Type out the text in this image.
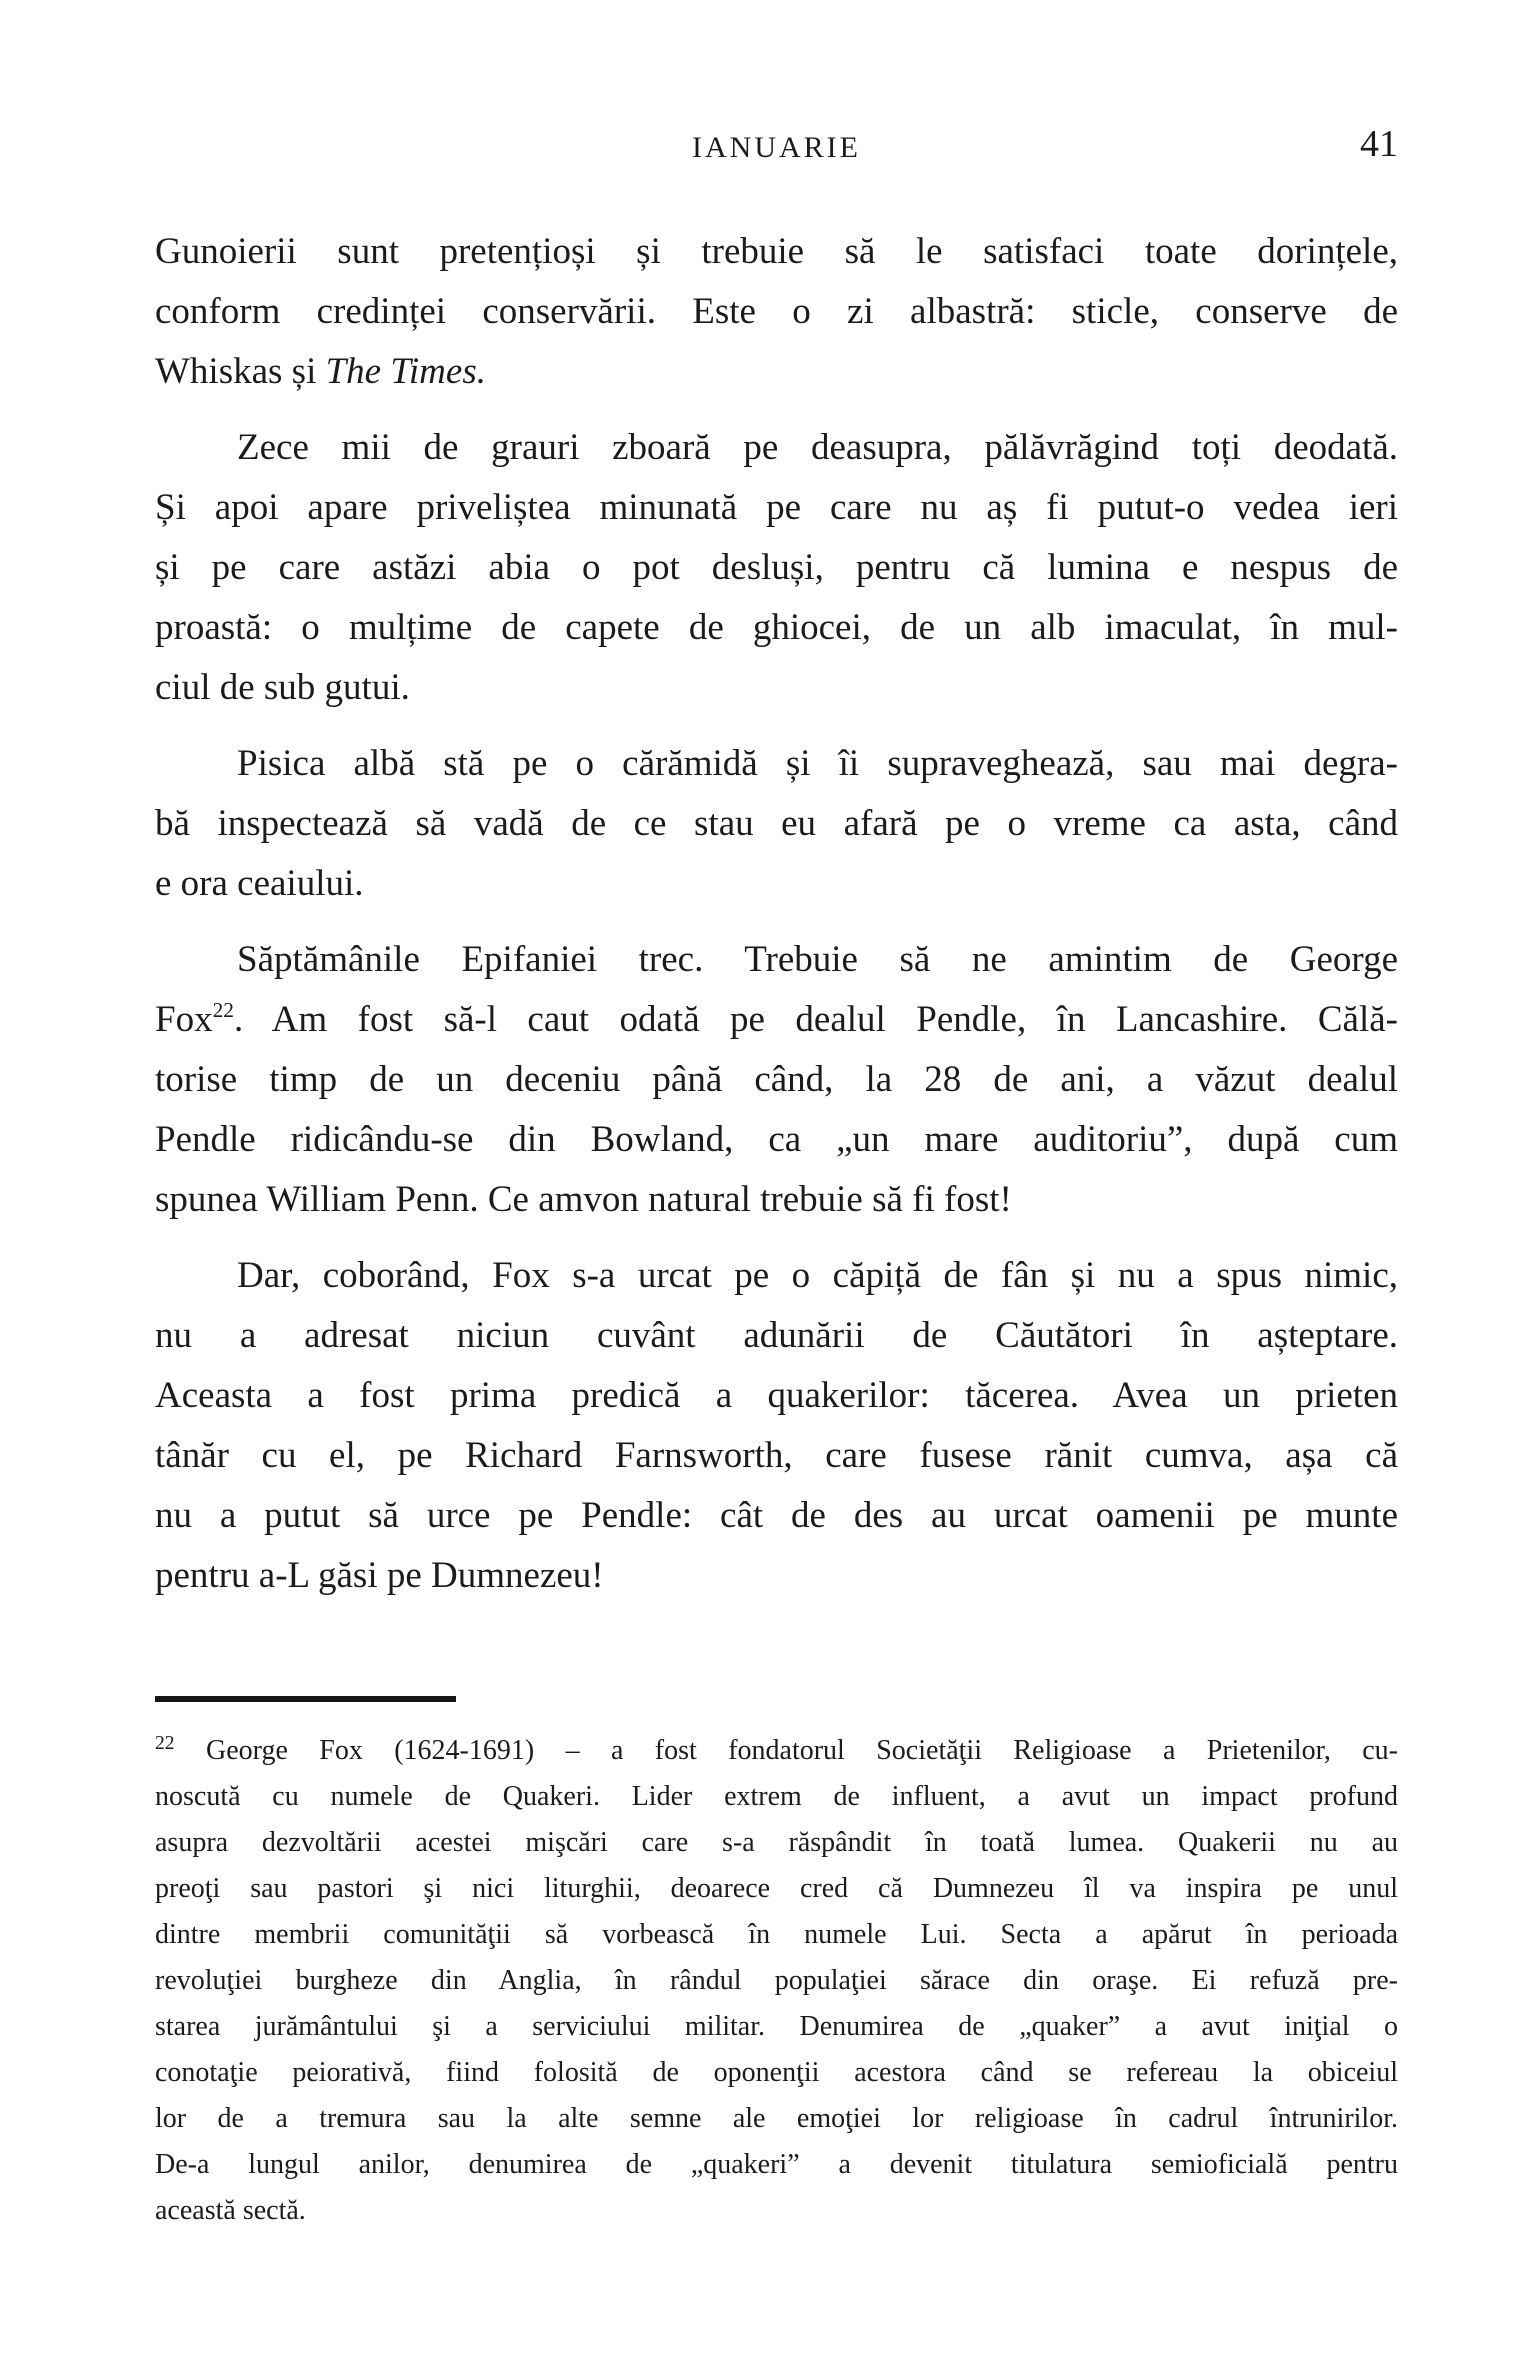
IANUARIE	41

Gunoierii sunt pretențioși și trebuie să le satisfaci toate dorințele,
conform credinței conservării. Este o zi albastră: sticle, conserve de
Whiskas și The Times.

Zece mii de grauri zboară pe deasupra, pălăvrăgind toți deodată.
Și apoi apare priveliștea minunată pe care nu aș fi putut-o vedea ieri
și pe care astăzi abia o pot desluși, pentru că lumina e nespus de
proastă: o mulțime de capete de ghiocei, de un alb imaculat, în mul-
ciul de sub gutui.

Pisica albă stă pe o cărămidă și îi supraveghează, sau mai degra-
bă inspectează să vadă de ce stau eu afară pe o vreme ca asta, când
e ora ceaiului.

Săptămânile Epifaniei trec. Trebuie să ne amintim de George
Fox$^{22}$. Am fost să-l caut odată pe dealul Pendle, în Lancashire. Călă-
torise timp de un deceniu până când, la 28 de ani, a văzut dealul
Pendle ridicându-se din Bowland, ca „un mare auditoriu”, după cum
spunea William Penn. Ce amvon natural trebuie să fi fost!

Dar, coborând, Fox s-a urcat pe o căpiță de fân și nu a spus nimic,
nu a adresat niciun cuvânt adunării de Căutători în așteptare.
Aceasta a fost prima predică a quakerilor: tăcerea. Avea un prieten
tânăr cu el, pe Richard Farnsworth, care fusese rănit cumva, așa că
nu a putut să urce pe Pendle: cât de des au urcat oamenii pe munte
pentru a-L găsi pe Dumnezeu!

$^{22}$ George Fox (1624-1691) – a fost fondatorul Societăţii Religioase a Prietenilor, cu-
noscută cu numele de Quakeri. Lider extrem de influent, a avut un impact profund
asupra dezvoltării acestei mişcări care s-a răspândit în toată lumea. Quakerii nu au
preoţi sau pastori şi nici liturghii, deoarece cred că Dumnezeu îl va inspira pe unul
dintre membrii comunităţii să vorbească în numele Lui. Secta a apărut în perioada
revoluţiei burgheze din Anglia, în rândul populaţiei sărace din oraşe. Ei refuză pre-
starea jurământului şi a serviciului militar. Denumirea de „quaker” a avut iniţial o
conotaţie peiorativă, fiind folosită de oponenţii acestora când se refereau la obiceiul
lor de a tremura sau la alte semne ale emoţiei lor religioase în cadrul întrunirilor.
De-a lungul anilor, denumirea de „quakeri” a devenit titulatura semioficială pentru
această sectă.
